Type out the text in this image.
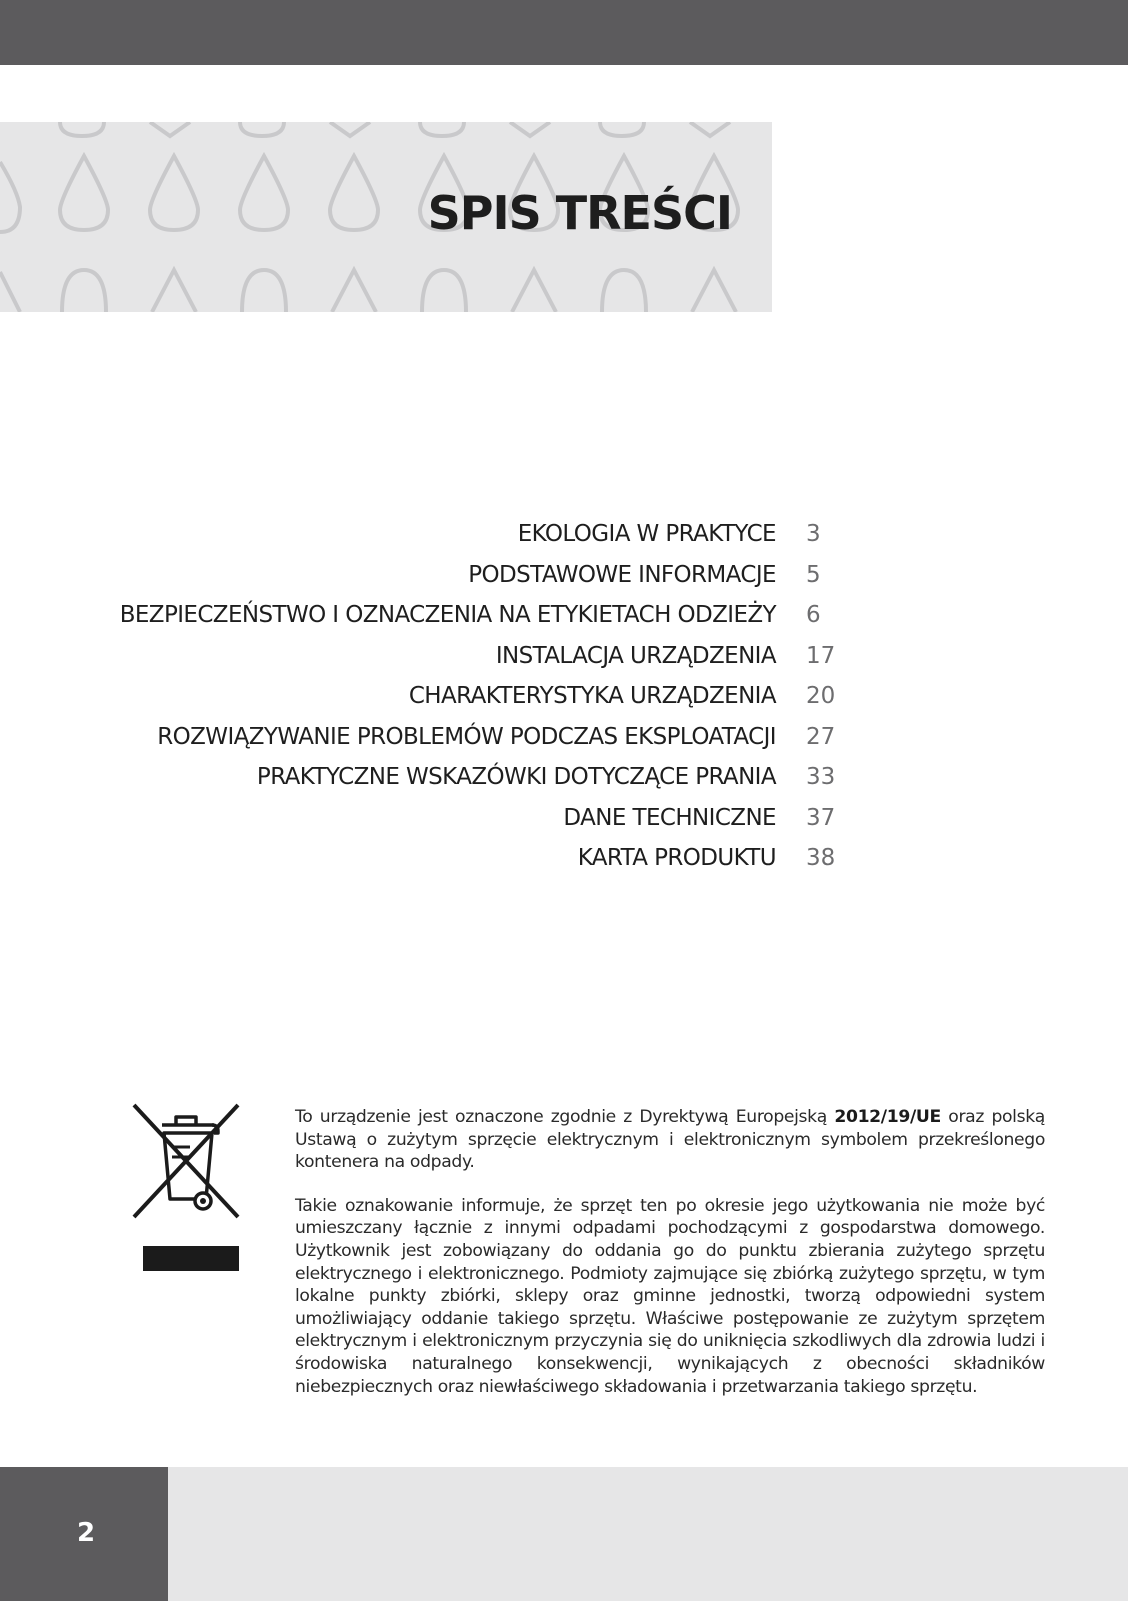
SPIS TREŚCI
EKOLOGIA W PRAKTYCE 3
PODSTAWOWE INFORMACJE 5
BEZPIECZEŃSTWO I OZNACZENIA NA ETYKIETACH ODZIEŻY 6
INSTALACJA URZĄDZENIA 17
CHARAKTERYSTYKA URZĄDZENIA 20
ROZWIĄZYWANIE PROBLEMÓW PODCZAS EKSPLOATACJI 27
PRAKTYCZNE WSKAZÓWKI DOTYCZĄCE PRANIA 33
DANE TECHNICZNE 37
KARTA PRODUKTU 38

To urządzenie jest oznaczone zgodnie z Dyrektywą Europejską 2012/19/UE oraz polską Ustawą o zużytym sprzęcie elektrycznym i elektronicznym symbolem przekreślonego kontenera na odpady.

Takie oznakowanie informuje, że sprzęt ten po okresie jego użytkowania nie może być umieszczany łącznie z innymi odpadami pochodzącymi z gospodarstwa domowego. Użytkownik jest zobowiązany do oddania go do punktu zbierania zużytego sprzętu elektrycznego i elektronicznego. Podmioty zajmujące się zbiórką zużytego sprzętu, w tym lokalne punkty zbiórki, sklepy oraz gminne jednostki, tworzą odpowiedni system umożliwiający oddanie takiego sprzętu. Właściwe postępowanie ze zużytym sprzętem elektrycznym i elektronicznym przyczynia się do uniknięcia szkodliwych dla zdrowia ludzi i środowiska naturalnego konsekwencji, wynikających z obecności składników niebezpiecznych oraz niewłaściwego składowania i przetwarzania takiego sprzętu.

2
